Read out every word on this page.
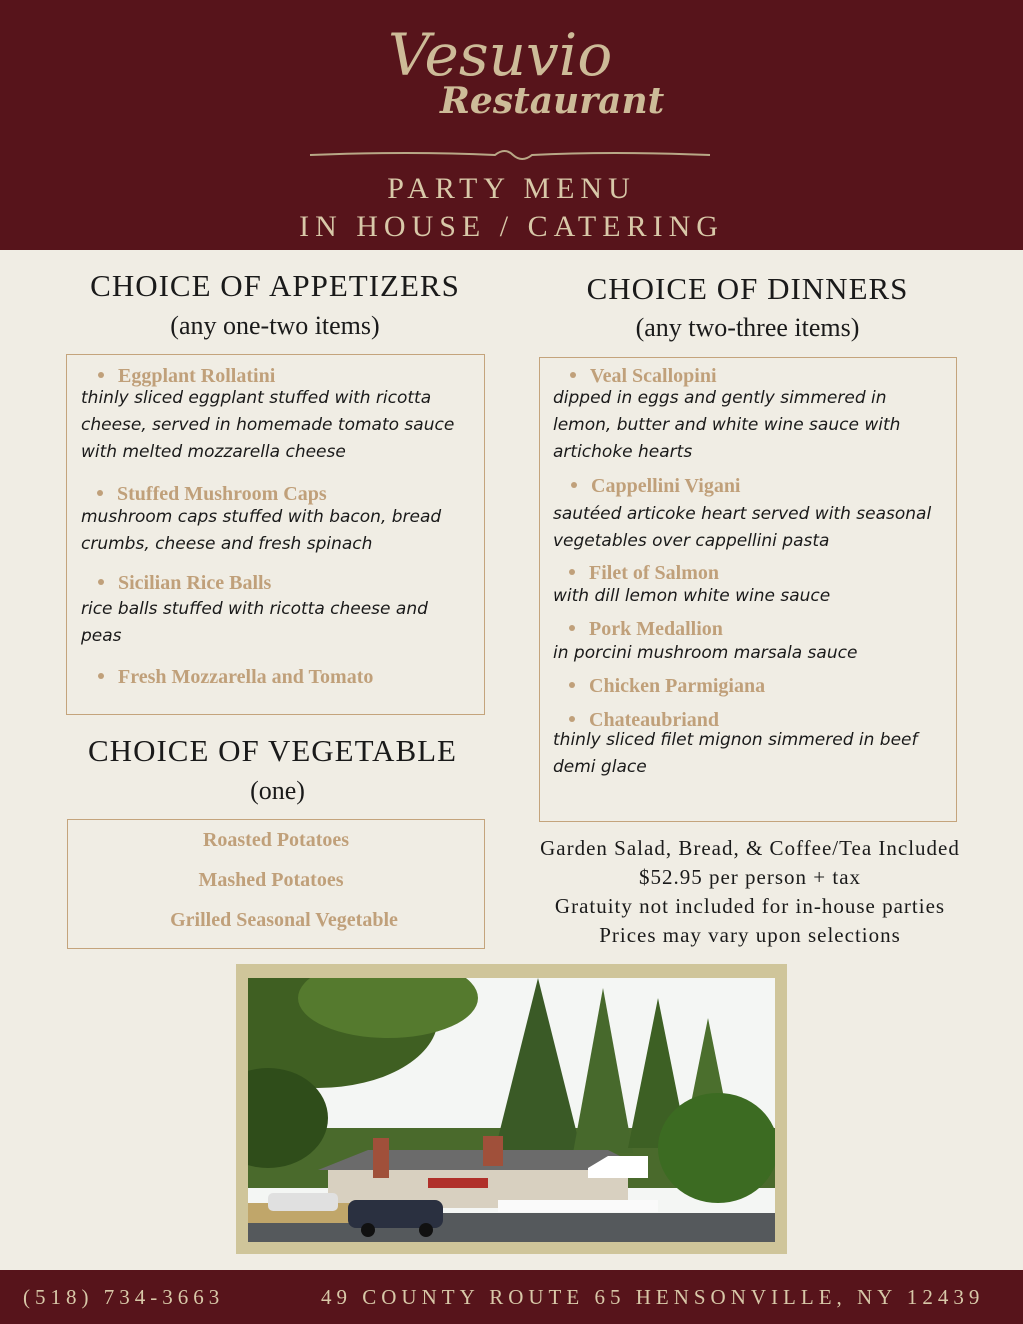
Vesuvio
Restaurant
PARTY MENU
IN HOUSE / CATERING
CHOICE OF APPETIZERS
(any one-two items)
Eggplant Rollatini
thinly sliced eggplant stuffed with ricotta
cheese, served in homemade tomato sauce
with melted mozzarella cheese
Stuffed Mushroom Caps
mushroom caps stuffed with bacon, bread
crumbs, cheese and fresh spinach
Sicilian Rice Balls
rice balls stuffed with ricotta cheese and
peas
Fresh Mozzarella and Tomato
CHOICE OF VEGETABLE
(one)
Roasted Potatoes
Mashed Potatoes
Grilled Seasonal Vegetable
CHOICE OF DINNERS
(any two-three items)
Veal Scallopini
dipped in eggs and gently simmered in
lemon, butter and white wine sauce with
artichoke hearts
Cappellini Vigani
sautéed articoke heart served with seasonal
vegetables over cappellini pasta
Filet of Salmon
with dill lemon white wine sauce
Pork Medallion
in porcini mushroom marsala sauce
Chicken Parmigiana
Chateaubriand
thinly sliced filet mignon simmered in beef
demi glace
Garden Salad, Bread, & Coffee/Tea Included
$52.95 per person + tax
Gratuity not included for in-house parties
Prices may vary upon selections
(518) 734-3663	49 COUNTY ROUTE 65 HENSONVILLE, NY 12439
